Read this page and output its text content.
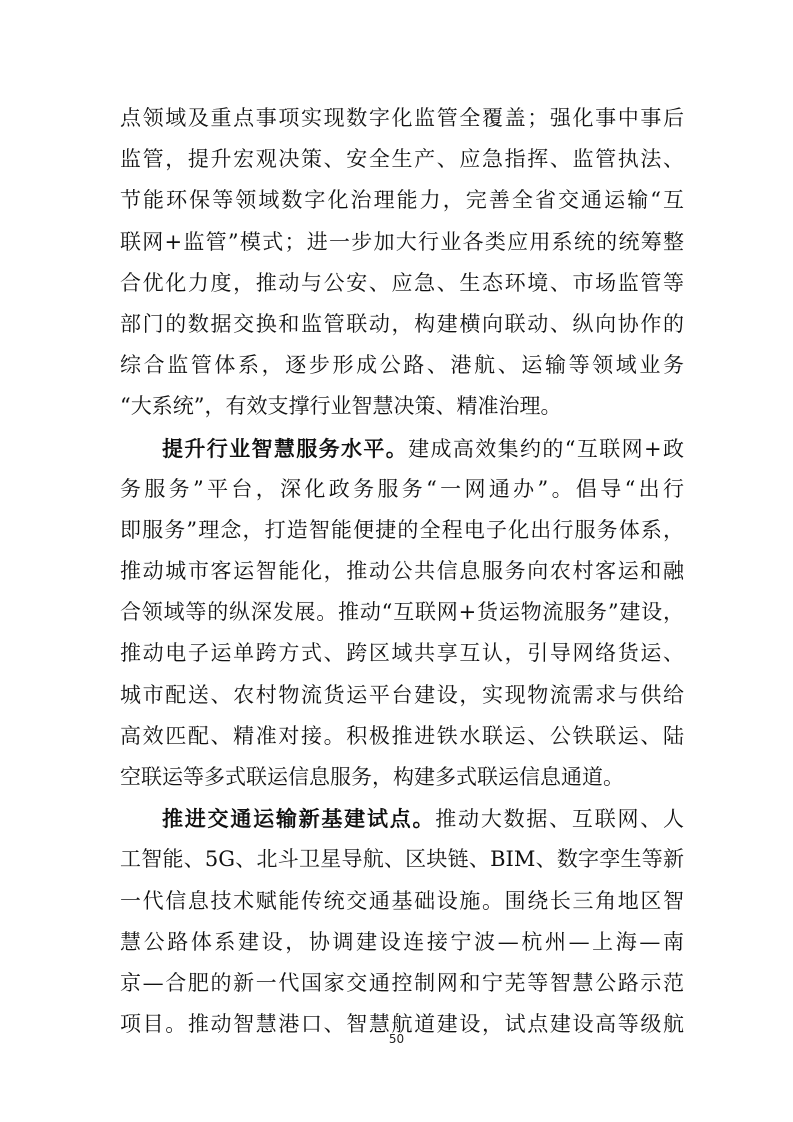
点领域及重点事项实现数字化监管全覆盖；强化事中事后
监管，提升宏观决策、安全生产、应急指挥、监管执法、
节能环保等领域数字化治理能力，完善全省交通运输“互
联网+监管”模式；进一步加大行业各类应用系统的统筹整
合优化力度，推动与公安、应急、生态环境、市场监管等
部门的数据交换和监管联动，构建横向联动、纵向协作的
综合监管体系，逐步形成公路、港航、运输等领域业务
“大系统”，有效支撑行业智慧决策、精准治理。
提升行业智慧服务水平。建成高效集约的“互联网+政
务服务”平台，深化政务服务“一网通办”。倡导“出行
即服务”理念，打造智能便捷的全程电子化出行服务体系，
推动城市客运智能化，推动公共信息服务向农村客运和融
合领域等的纵深发展。推动“互联网+货运物流服务”建设，
推动电子运单跨方式、跨区域共享互认，引导网络货运、
城市配送、农村物流货运平台建设，实现物流需求与供给
高效匹配、精准对接。积极推进铁水联运、公铁联运、陆
空联运等多式联运信息服务，构建多式联运信息通道。
推进交通运输新基建试点。推动大数据、互联网、人
工智能、5G、北斗卫星导航、区块链、BIM、数字孪生等新
一代信息技术赋能传统交通基础设施。围绕长三角地区智
慧公路体系建设，协调建设连接宁波—杭州—上海—南
京—合肥的新一代国家交通控制网和宁芜等智慧公路示范
项目。推动智慧港口、智慧航道建设，试点建设高等级航
50
